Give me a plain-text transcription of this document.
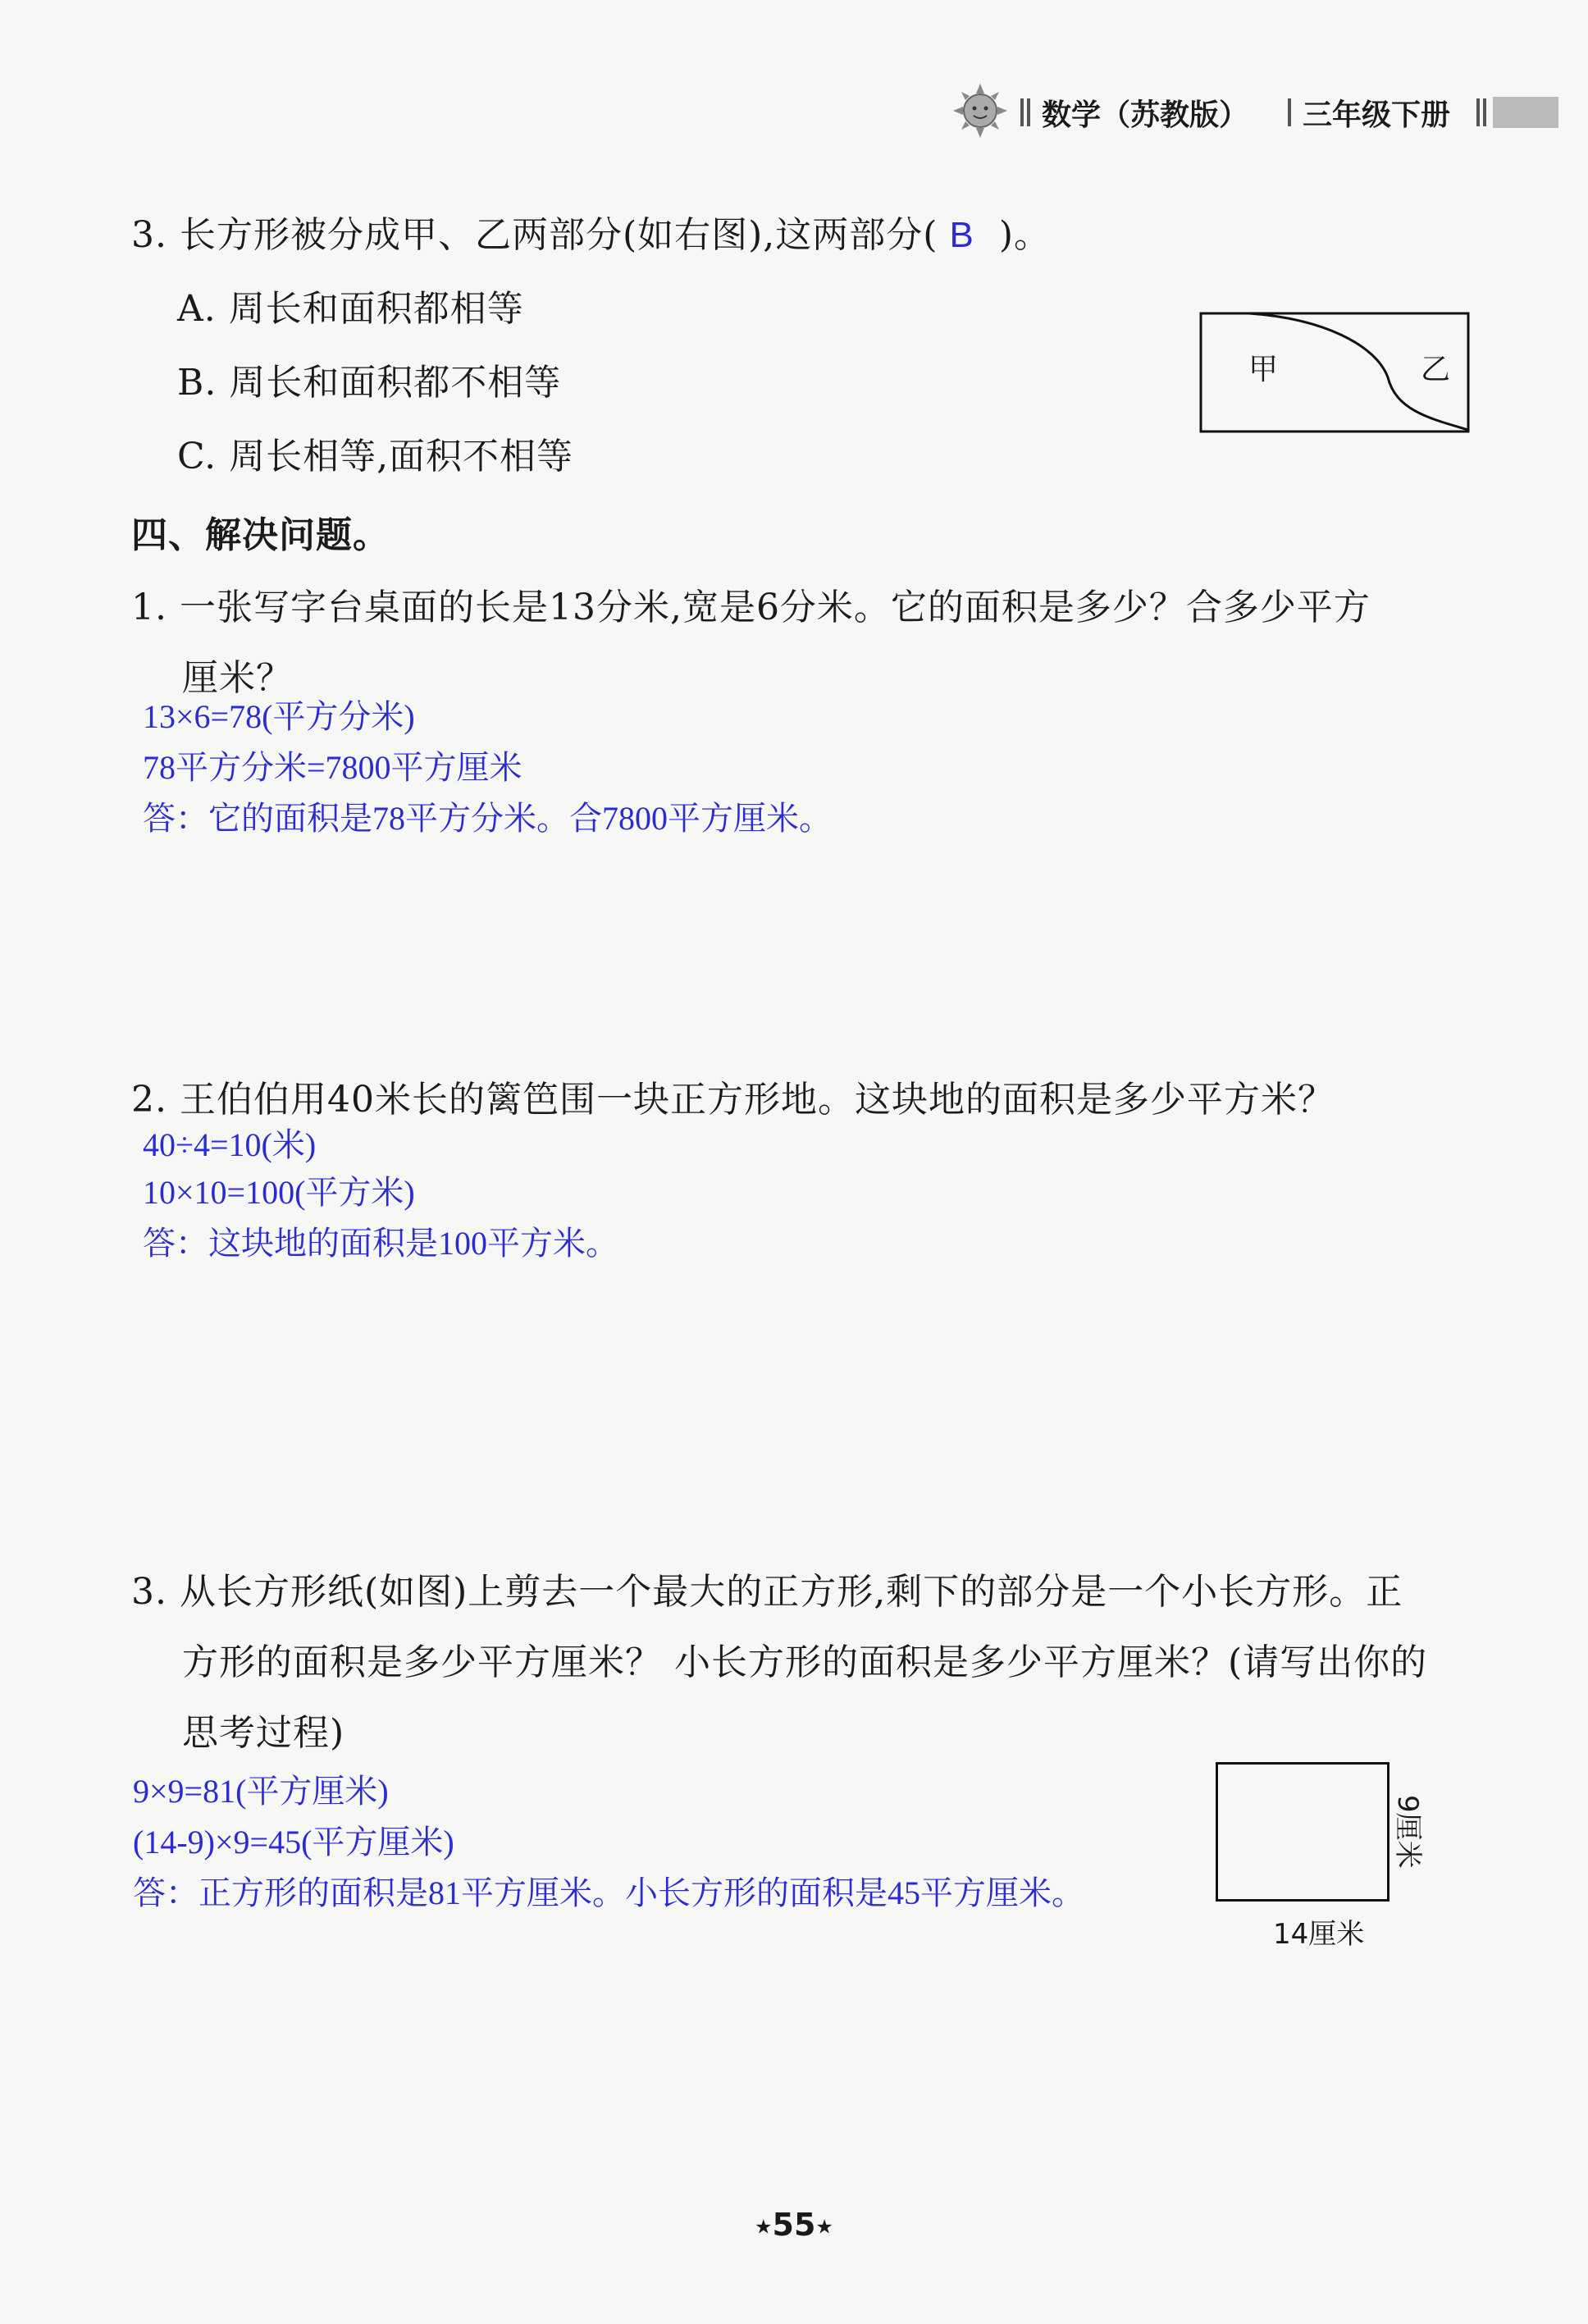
数学（苏教版） 三年级下册
3. 长方形被分成甲、乙两部分(如右图),这两部分( B )。
A. 周长和面积都相等
B. 周长和面积都不相等
C. 周长相等,面积不相等
甲	乙
四、解决问题。
1. 一张写字台桌面的长是13分米,宽是6分米。它的面积是多少？合多少平方
厘米？
13×6=78(平方分米)
78平方分米=7800平方厘米
答：它的面积是78平方分米。合7800平方厘米。
2. 王伯伯用40米长的篱笆围一块正方形地。这块地的面积是多少平方米？
40÷4=10(米)
10×10=100(平方米)
答：这块地的面积是100平方米。
3. 从长方形纸(如图)上剪去一个最大的正方形,剩下的部分是一个小长方形。正
方形的面积是多少平方厘米？ 小长方形的面积是多少平方厘米？(请写出你的
思考过程)
9×9=81(平方厘米)
(14-9)×9=45(平方厘米)
答：正方形的面积是81平方厘米。小长方形的面积是45平方厘米。
14厘米
9厘米
★55★
